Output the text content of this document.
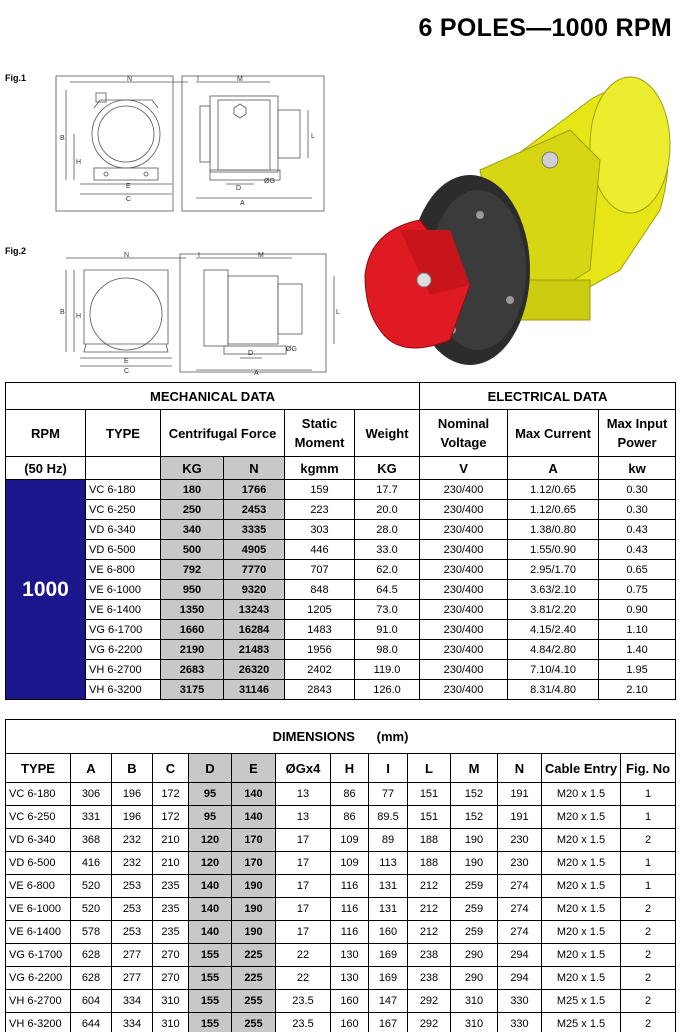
6 POLES—1000 RPM
Fig.1
Fig.2
N
B
H
E
C
I	M
L
D
A
ØG
N
B
H
E
C
I	M
L
D
A
ØG
MECHANICAL DATA						ELECTRICAL DATA		
RPM	TYPE	Centrifugal Force		Static Moment	Weight	Nominal Voltage	Max Current	Max Input Power
(50 Hz)		KG	N	kgmm	KG	V	A	kw
1000	VC 6-180	180	1766	159	17.7	230/400	1.12/0.65	0.30
	VC 6-250	250	2453	223	20.0	230/400	1.12/0.65	0.30
	VD 6-340	340	3335	303	28.0	230/400	1.38/0.80	0.43
	VD 6-500	500	4905	446	33.0	230/400	1.55/0.90	0.43
	VE 6-800	792	7770	707	62.0	230/400	2.95/1.70	0.65
	VE 6-1000	950	9320	848	64.5	230/400	3.63/2.10	0.75
	VE 6-1400	1350	13243	1205	73.0	230/400	3.81/2.20	0.90
	VG 6-1700	1660	16284	1483	91.0	230/400	4.15/2.40	1.10
	VG 6-2200	2190	21483	1956	98.0	230/400	4.84/2.80	1.40
	VH 6-2700	2683	26320	2402	119.0	230/400	7.10/4.10	1.95
	VH 6-3200	3175	31146	2843	126.0	230/400	8.31/4.80	2.10
DIMENSIONS (mm)													
TYPE	A	B	C	D	E	ØGx4	H	I	L	M	N	Cable Entry	Fig. No
VC 6-180	306	196	172	95	140	13	86	77	151	152	191	M20 x 1.5	1
VC 6-250	331	196	172	95	140	13	86	89.5	151	152	191	M20 x 1.5	1
VD 6-340	368	232	210	120	170	17	109	89	188	190	230	M20 x 1.5	2
VD 6-500	416	232	210	120	170	17	109	113	188	190	230	M20 x 1.5	1
VE 6-800	520	253	235	140	190	17	116	131	212	259	274	M20 x 1.5	1
VE 6-1000	520	253	235	140	190	17	116	131	212	259	274	M20 x 1.5	2
VE 6-1400	578	253	235	140	190	17	116	160	212	259	274	M20 x 1.5	2
VG 6-1700	628	277	270	155	225	22	130	169	238	290	294	M20 x 1.5	2
VG 6-2200	628	277	270	155	225	22	130	169	238	290	294	M20 x 1.5	2
VH 6-2700	604	334	310	155	255	23.5	160	147	292	310	330	M25 x 1.5	2
VH 6-3200	644	334	310	155	255	23.5	160	167	292	310	330	M25 x 1.5	2
